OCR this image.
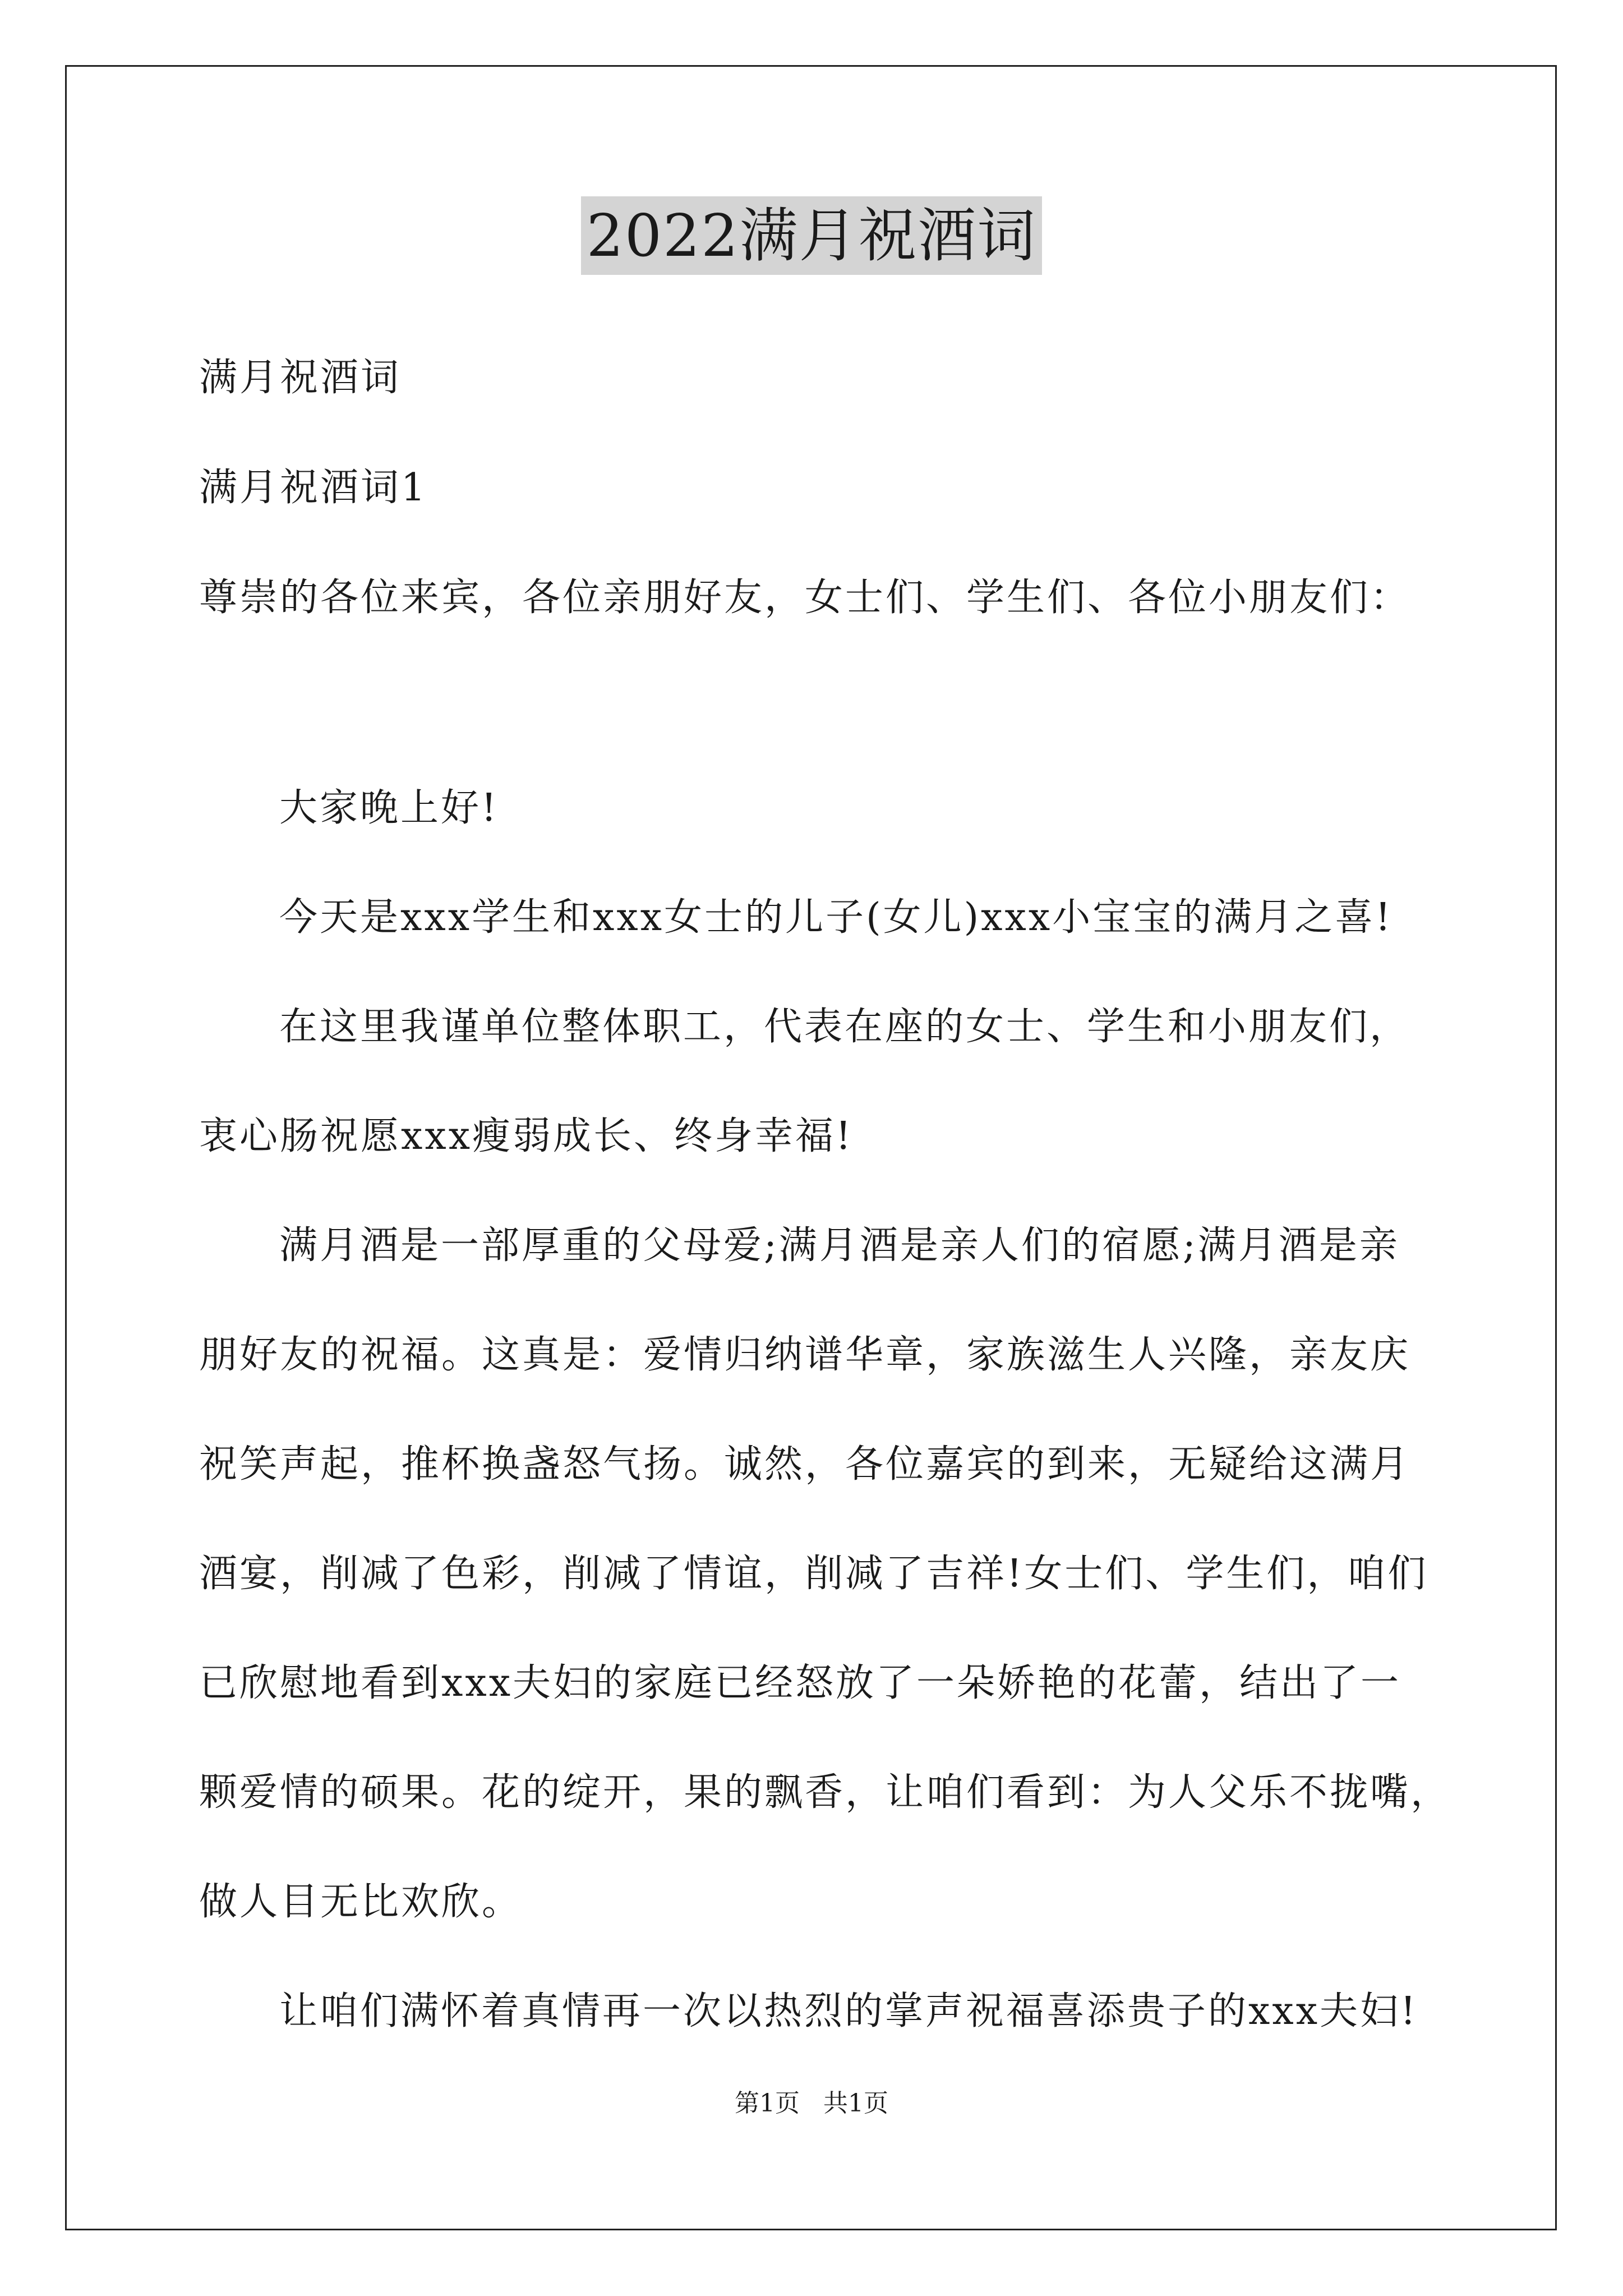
2022满月祝酒词
满月祝酒词
满月祝酒词1
尊崇的各位来宾，各位亲朋好友，女士们、学生们、各位小朋友们：
大家晚上好!
今天是xxx学生和xxx女士的儿子(女儿)xxx小宝宝的满月之喜!
在这里我谨单位整体职工，代表在座的女士、学生和小朋友们，
衷心肠祝愿xxx瘦弱成长、终身幸福!
满月酒是一部厚重的父母爱;满月酒是亲人们的宿愿;满月酒是亲
朋好友的祝福。这真是：爱情归纳谱华章，家族滋生人兴隆，亲友庆
祝笑声起，推杯换盏怒气扬。诚然，各位嘉宾的到来，无疑给这满月
酒宴，削减了色彩，削减了情谊，削减了吉祥!女士们、学生们，咱们
已欣慰地看到xxx夫妇的家庭已经怒放了一朵娇艳的花蕾，结出了一
颗爱情的硕果。花的绽开，果的飘香，让咱们看到：为人父乐不拢嘴，
做人目无比欢欣。
让咱们满怀着真情再一次以热烈的掌声祝福喜添贵子的xxx夫妇!
第1页   共1页
